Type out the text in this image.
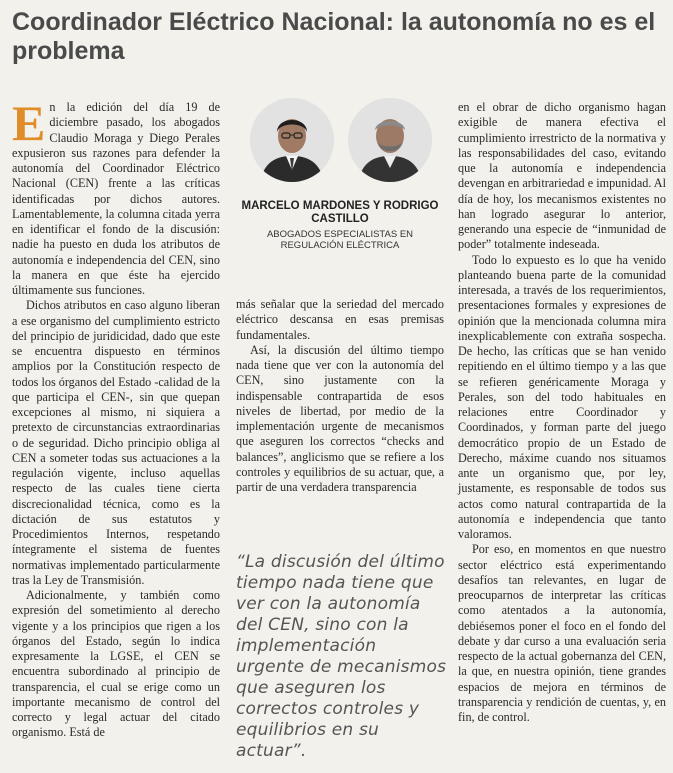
Coordinador Eléctrico Nacional: la autonomía no es el problema

En la edición del día 19 de diciembre pasado, los abogados Claudio Moraga y Diego Perales expusieron sus razones para defender la autonomía del Coordinador Eléctrico Nacional (CEN) frente a las críticas identificadas por dichos autores. Lamentablemente, la columna citada yerra en identificar el fondo de la discusión: nadie ha puesto en duda los atributos de autonomía e independencia del CEN, sino la manera en que éste ha ejercido últimamente sus funciones.

Dichos atributos en caso alguno liberan a ese organismo del cumplimiento estricto del principio de juridicidad, dado que este se encuentra dispuesto en términos amplios por la Constitución respecto de todos los órganos del Estado -calidad de la que participa el CEN-, sin que quepan excepciones al mismo, ni siquiera a pretexto de circunstancias extraordinarias o de seguridad. Dicho principio obliga al CEN a someter todas sus actuaciones a la regulación vigente, incluso aquellas respecto de las cuales tiene cierta discrecionalidad técnica, como es la dictación de sus estatutos y Procedimientos Internos, respetando íntegramente el sistema de fuentes normativas implementado particularmente tras la Ley de Transmisión.

Adicionalmente, y también como expresión del sometimiento al derecho vigente y a los principios que rigen a los órganos del Estado, según lo indica expresamente la LGSE, el CEN se encuentra subordinado al principio de transparencia, el cual se erige como un importante mecanismo de control del correcto y legal actuar del citado organismo. Está de

MARCELO MARDONES Y RODRIGO CASTILLO
ABOGADOS ESPECIALISTAS EN REGULACIÓN ELÉCTRICA

más señalar que la seriedad del mercado eléctrico descansa en esas premisas fundamentales.

Así, la discusión del último tiempo nada tiene que ver con la autonomía del CEN, sino justamente con la indispensable contrapartida de esos niveles de libertad, por medio de la implementación urgente de mecanismos que aseguren los correctos “checks and balances”, anglicismo que se refiere a los controles y equilibrios de su actuar, que, a partir de una verdadera transparencia

“La discusión del último tiempo nada tiene que ver con la autonomía del CEN, sino con la implementación urgente de mecanismos que aseguren los correctos controles y equilibrios en su actuar”.

en el obrar de dicho organismo hagan exigible de manera efectiva el cumplimiento irrestricto de la normativa y las responsabilidades del caso, evitando que la autonomía e independencia devengan en arbitrariedad e impunidad. Al día de hoy, los mecanismos existentes no han logrado asegurar lo anterior, generando una especie de “inmunidad de poder” totalmente indeseada.

Todo lo expuesto es lo que ha venido planteando buena parte de la comunidad interesada, a través de los requerimientos, presentaciones formales y expresiones de opinión que la mencionada columna mira inexplicablemente con extraña sospecha. De hecho, las críticas que se han venido repitiendo en el último tiempo y a las que se refieren genéricamente Moraga y Perales, son del todo habituales en relaciones entre Coordinador y Coordinados, y forman parte del juego democrático propio de un Estado de Derecho, máxime cuando nos situamos ante un organismo que, por ley, justamente, es responsable de todos sus actos como natural contrapartida de la autonomía e independencia que tanto valoramos.

Por eso, en momentos en que nuestro sector eléctrico está experimentando desafíos tan relevantes, en lugar de preocuparnos de interpretar las críticas como atentados a la autonomía, debiésemos poner el foco en el fondo del debate y dar curso a una evaluación seria respecto de la actual gobernanza del CEN, la que, en nuestra opinión, tiene grandes espacios de mejora en términos de transparencia y rendición de cuentas, y, en fin, de control.
